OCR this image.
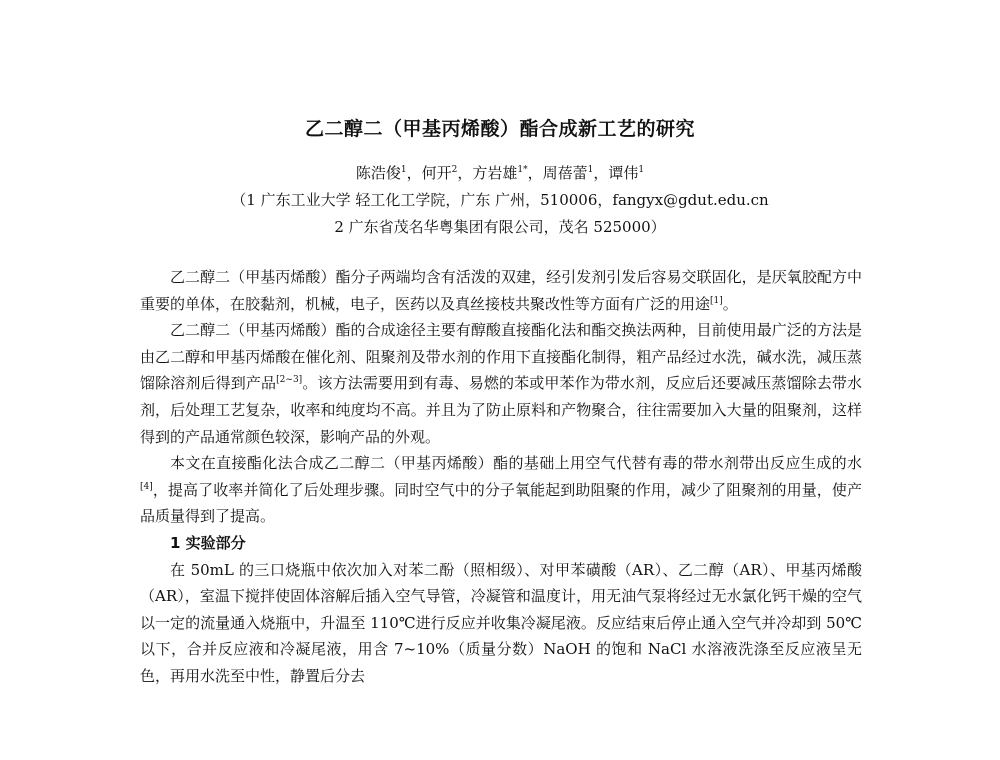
乙二醇二（甲基丙烯酸）酯合成新工艺的研究
陈浩俊$^1$，何开$^2$，方岩雄$^{1*}$，周蓓蕾$^1$，谭伟$^1$
（1 广东工业大学 轻工化工学院，广东 广州，510006，fangyx@gdut.edu.cn
2 广东省茂名华粤集团有限公司，茂名 525000）

乙二醇二（甲基丙烯酸）酯分子两端均含有活泼的双建，经引发剂引发后容易交联固化，是厌氧胶配方中重要的单体，在胶黏剂，机械，电子，医药以及真丝接枝共聚改性等方面有广泛的用途[1]。

乙二醇二（甲基丙烯酸）酯的合成途径主要有醇酸直接酯化法和酯交换法两种，目前使用最广泛的方法是由乙二醇和甲基丙烯酸在催化剂、阻聚剂及带水剂的作用下直接酯化制得，粗产品经过水洗，碱水洗，减压蒸馏除溶剂后得到产品[2~3]。该方法需要用到有毒、易燃的苯或甲苯作为带水剂，反应后还要减压蒸馏除去带水剂，后处理工艺复杂，收率和纯度均不高。并且为了防止原料和产物聚合，往往需要加入大量的阻聚剂，这样得到的产品通常颜色较深，影响产品的外观。

本文在直接酯化法合成乙二醇二（甲基丙烯酸）酯的基础上用空气代替有毒的带水剂带出反应生成的水[4]，提高了收率并简化了后处理步骤。同时空气中的分子氧能起到助阻聚的作用，减少了阻聚剂的用量，使产品质量得到了提高。

1 实验部分

在 50mL 的三口烧瓶中依次加入对苯二酚（照相级）、对甲苯磺酸（AR）、乙二醇（AR）、甲基丙烯酸（AR），室温下搅拌使固体溶解后插入空气导管，冷凝管和温度计，用无油气泵将经过无水氯化钙干燥的空气以一定的流量通入烧瓶中，升温至 110℃进行反应并收集冷凝尾液。反应结束后停止通入空气并冷却到 50℃以下，合并反应液和冷凝尾液，用含 7~10%（质量分数）NaOH 的饱和 NaCl 水溶液洗涤至反应液呈无色，再用水洗至中性，静置后分去
